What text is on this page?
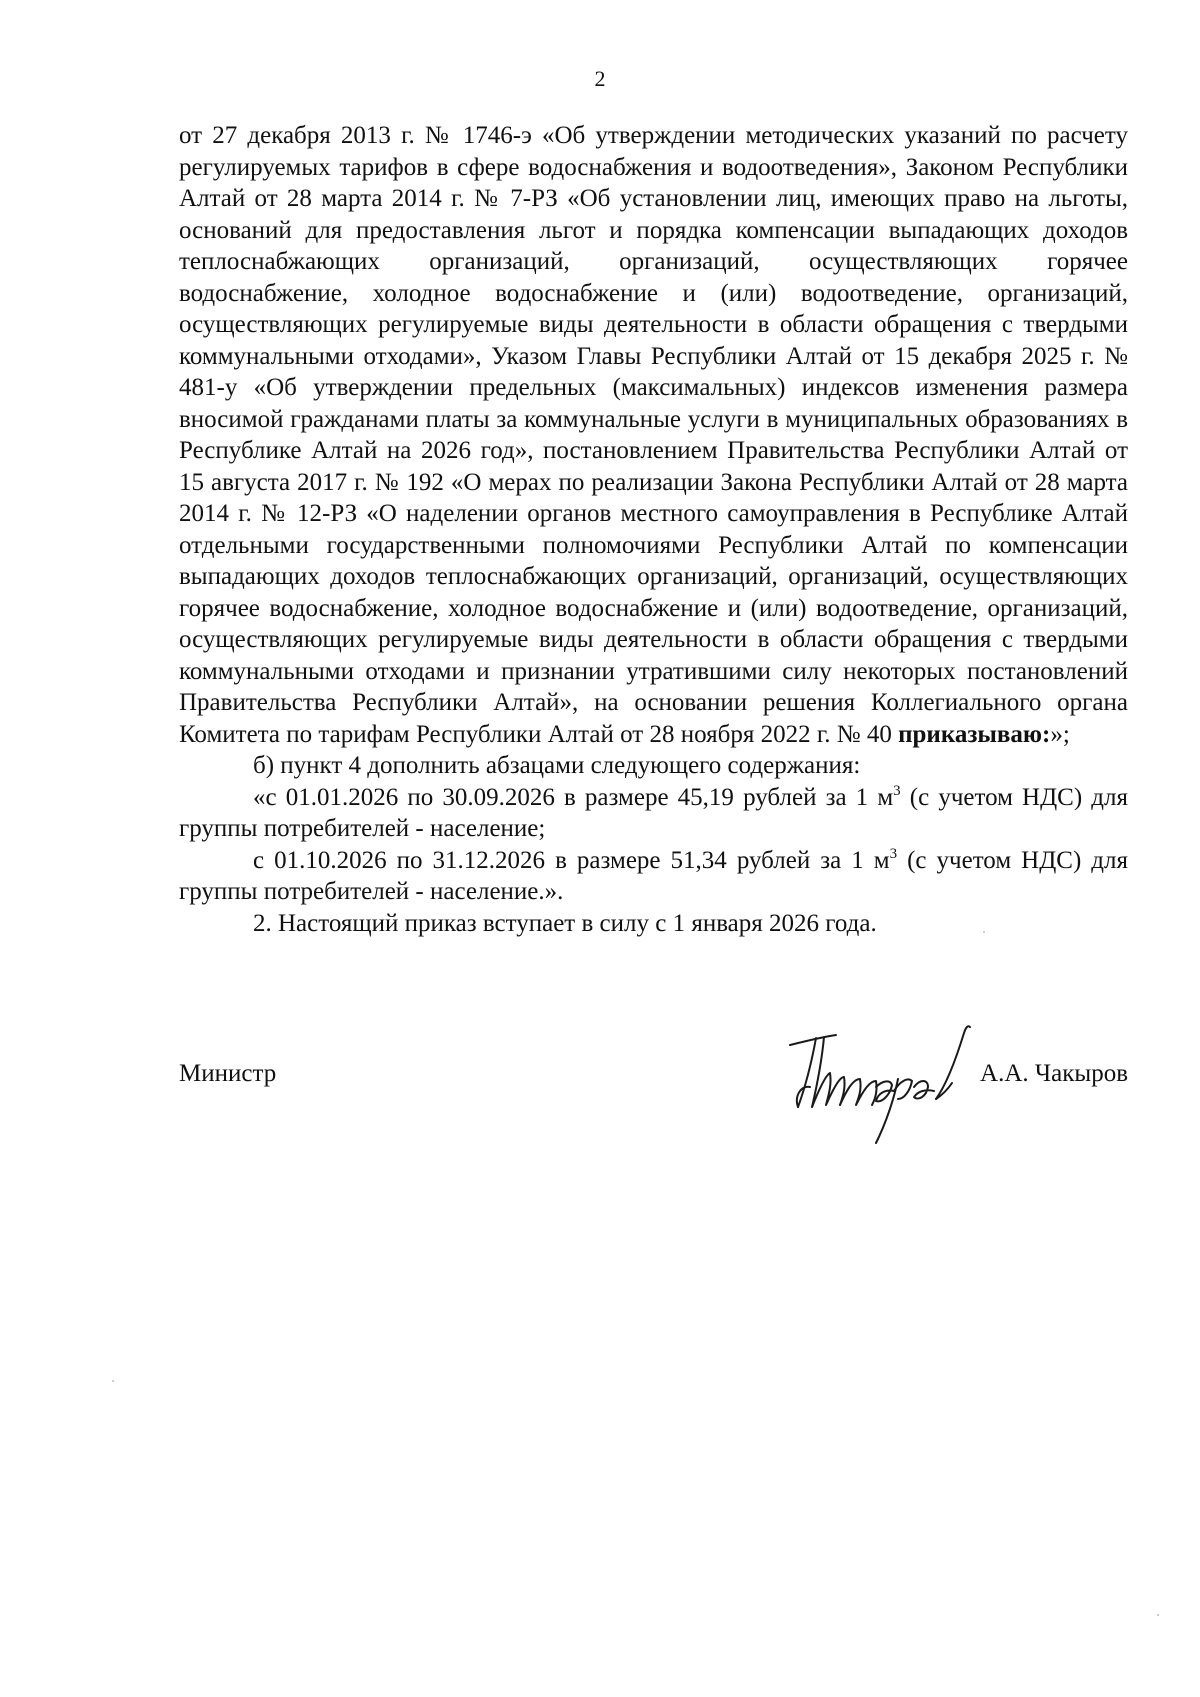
2

от 27 декабря 2013 г. № 1746-э «Об утверждении методических указаний по расчету регулируемых тарифов в сфере водоснабжения и водоотведения», Законом Республики Алтай от 28 марта 2014 г. № 7-РЗ «Об установлении лиц, имеющих право на льготы, оснований для предоставления льгот и порядка компенсации выпадающих доходов теплоснабжающих организаций, организаций, осуществляющих горячее водоснабжение, холодное водоснабжение и (или) водоотведение, организаций, осуществляющих регулируемые виды деятельности в области обращения с твердыми коммунальными отходами», Указом Главы Республики Алтай от 15 декабря 2025 г. № 481-у «Об утверждении предельных (максимальных) индексов изменения размера вносимой гражданами платы за коммунальные услуги в муниципальных образованиях в Республике Алтай на 2026 год», постановлением Правительства Республики Алтай от 15 августа 2017 г. № 192 «О мерах по реализации Закона Республики Алтай от 28 марта 2014 г. № 12-РЗ «О наделении органов местного самоуправления в Республике Алтай отдельными государственными полномочиями Республики Алтай по компенсации выпадающих доходов теплоснабжающих организаций, организаций, осуществляющих горячее водоснабжение, холодное водоснабжение и (или) водоотведение, организаций, осуществляющих регулируемые виды деятельности в области обращения с твердыми коммунальными отходами и признании утратившими силу некоторых постановлений Правительства Республики Алтай», на основании решения Коллегиального органа Комитета по тарифам Республики Алтай от 28 ноября 2022 г. № 40 приказываю:»;

б) пункт 4 дополнить абзацами следующего содержания:

«с 01.01.2026 по 30.09.2026 в размере 45,19 рублей за 1 $м^3$ (с учетом НДС) для группы потребителей - население;

с 01.10.2026 по 31.12.2026 в размере 51,34 рублей за 1 $м^3$ (с учетом НДС) для группы потребителей - население.».

2. Настоящий приказ вступает в силу с 1 января 2026 года.

Министр	А.А. Чакыров
